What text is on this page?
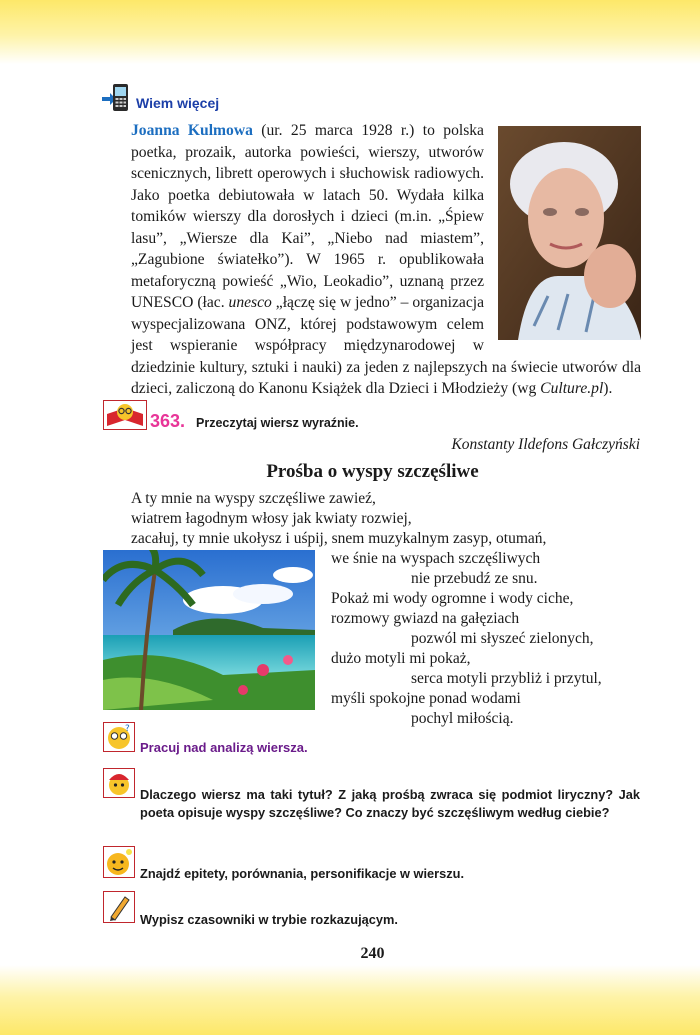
Wiem więcej
Joanna Kulmowa (ur. 25 marca 1928 r.) to polska poetka, prozaik, autorka powieści, wierszy, utworów scenicznych, librett operowych i słuchowisk radiowych. Jako poetka debiutowała w latach 50. Wydała kilka tomików wierszy dla dorosłych i dzieci (m.in. „Śpiew lasu”, „Wiersze dla Kai”, „Niebo nad miastem”, „Zagubione światełko”). W 1965 r. opublikowała metaforyczną powieść „Wio, Leokadio”, uznaną przez UNESCO (łac. unesco „łączę się w jedno” – organizacja wyspecjalizowana ONZ, której podstawowym celem jest wspieranie współpracy międzynarodowej w dziedzinie kultury, sztuki i nauki) za jeden z najlepszych na świecie utworów dla dzieci, zaliczoną do Kanonu Książek dla Dzieci i Młodzieży (wg Culture.pl).
363. Przeczytaj wiersz wyraźnie.
Konstanty Ildefons Gałczyński
Prośba o wyspy szczęśliwe
A ty mnie na wyspy szczęśliwe zawieź,
wiatrem łagodnym włosy jak kwiaty rozwiej,
zacałuj, ty mnie ukołysz i uśpij, snem muzykalnym zasyp, otumań,
we śnie na wyspach szczęśliwych
nie przebudź ze snu.
Pokaż mi wody ogromne i wody ciche,
rozmowy gwiazd na gałęziach
pozwól mi słyszeć zielonych,
dużo motyli mi pokaż,
serca motyli przybliż i przytul,
myśli spokojne ponad wodami
pochyl miłością.
?
Pracuj nad analizą wiersza.
Dlaczego wiersz ma taki tytuł? Z jaką prośbą zwraca się podmiot liryczny? Jak poeta opisuje wyspy szczęśliwe? Co znaczy być szczęśliwym według ciebie?
Znajdź epitety, porównania, personifikacje w wierszu.
Wypisz czasowniki w trybie rozkazującym.
240
